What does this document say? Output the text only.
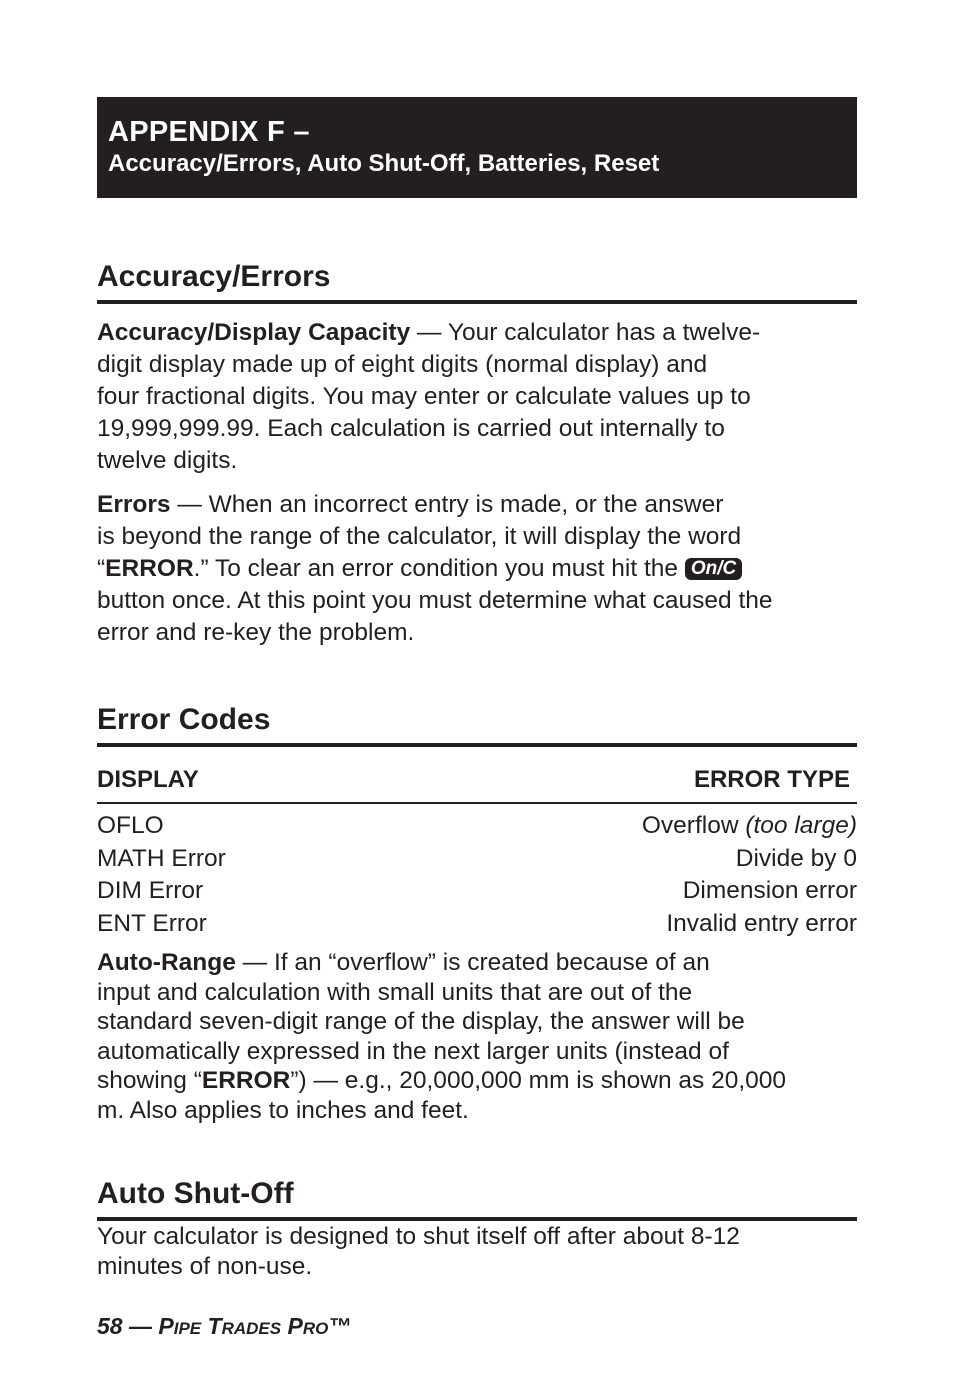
APPENDIX F –
Accuracy/Errors, Auto Shut-Off, Batteries, Reset
Accuracy/Errors

Accuracy/Display Capacity — Your calculator has a twelve-
digit display made up of eight digits (normal display) and
four fractional digits. You may enter or calculate values up to
19,999,999.99. Each calculation is carried out internally to
twelve digits.

Errors — When an incorrect entry is made, or the answer
is beyond the range of the calculator, it will display the word
“ERROR.” To clear an error condition you must hit the On/C
button once. At this point you must determine what caused the
error and re-key the problem.

Error Codes
DISPLAY	ERROR TYPE
OFLO	Overflow (too large)
MATH Error	Divide by 0
DIM Error	Dimension error
ENT Error	Invalid entry error

Auto-Range — If an “overflow” is created because of an
input and calculation with small units that are out of the
standard seven-digit range of the display, the answer will be
automatically expressed in the next larger units (instead of
showing “ERROR”) — e.g., 20,000,000 mm is shown as 20,000
m. Also applies to inches and feet.

Auto Shut-Off

Your calculator is designed to shut itself off after about 8-12
minutes of non-use.

58 — PIPE TRADES PRO™
